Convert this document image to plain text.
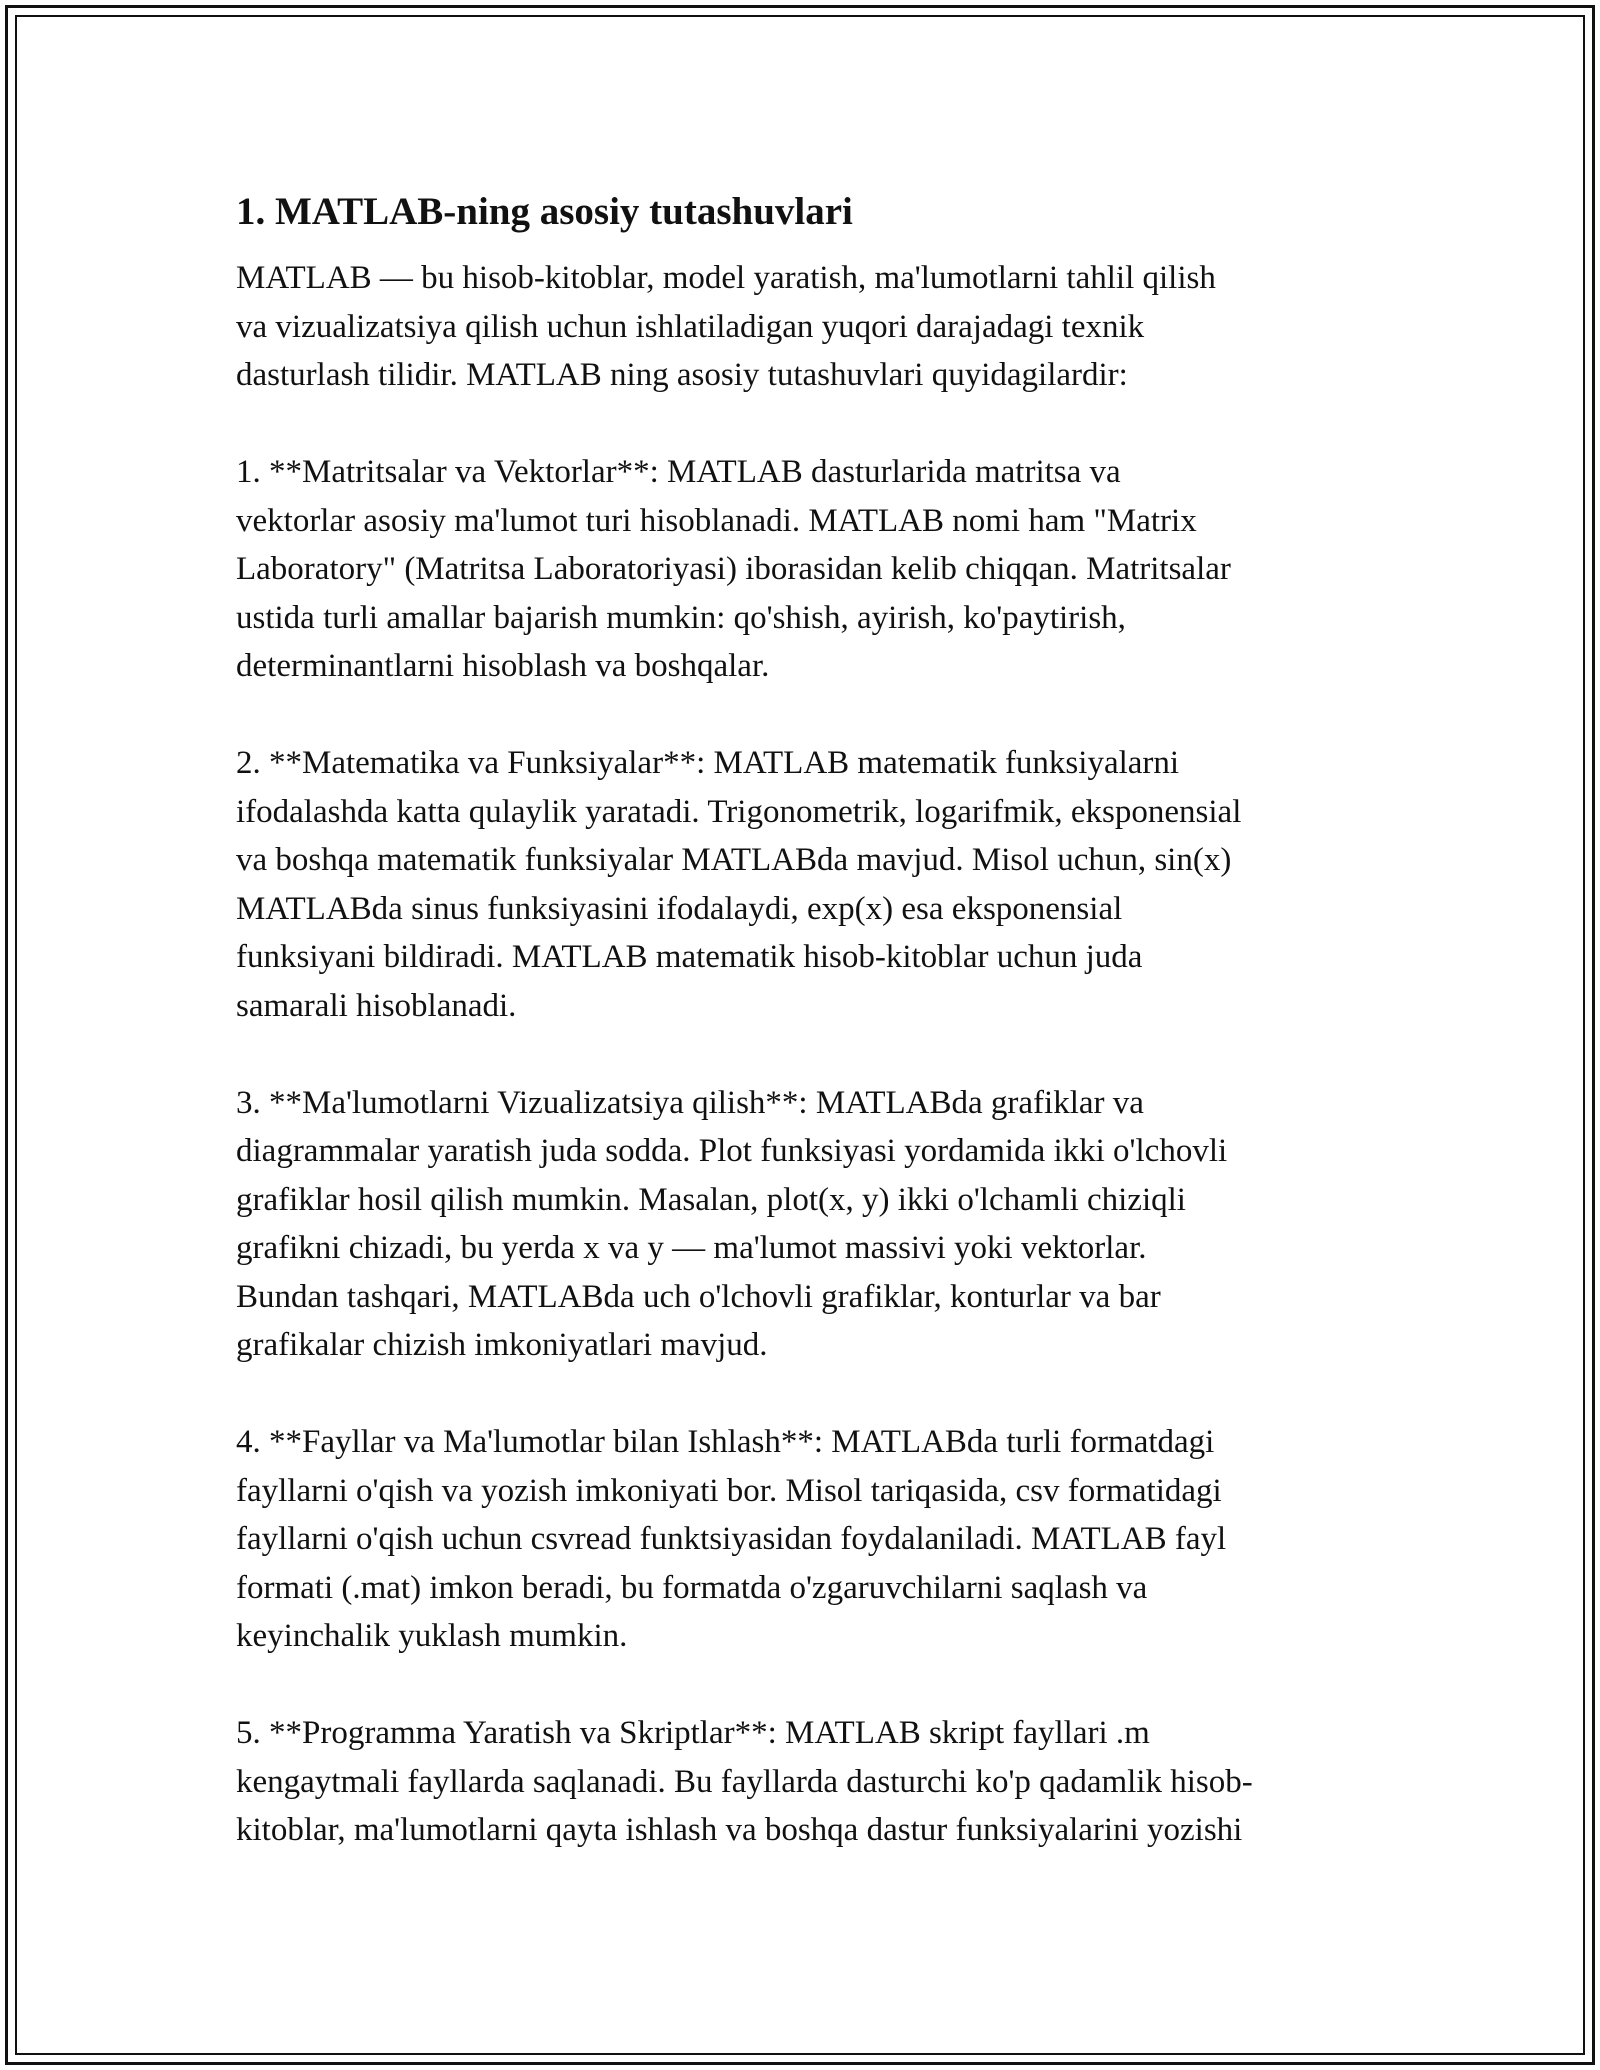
1. MATLAB-ning asosiy tutashuvlari

MATLAB — bu hisob-kitoblar, model yaratish, ma'lumotlarni tahlil qilish
va vizualizatsiya qilish uchun ishlatiladigan yuqori darajadagi texnik
dasturlash tilidir. MATLAB ning asosiy tutashuvlari quyidagilardir:

1. **Matritsalar va Vektorlar**: MATLAB dasturlarida matritsa va
vektorlar asosiy ma'lumot turi hisoblanadi. MATLAB nomi ham "Matrix
Laboratory" (Matritsa Laboratoriyasi) iborasidan kelib chiqqan. Matritsalar
ustida turli amallar bajarish mumkin: qo'shish, ayirish, ko'paytirish,
determinantlarni hisoblash va boshqalar.

2. **Matematika va Funksiyalar**: MATLAB matematik funksiyalarni
ifodalashda katta qulaylik yaratadi. Trigonometrik, logarifmik, eksponensial
va boshqa matematik funksiyalar MATLABda mavjud. Misol uchun, sin(x)
MATLABda sinus funksiyasini ifodalaydi, exp(x) esa eksponensial
funksiyani bildiradi. MATLAB matematik hisob-kitoblar uchun juda
samarali hisoblanadi.

3. **Ma'lumotlarni Vizualizatsiya qilish**: MATLABda grafiklar va
diagrammalar yaratish juda sodda. Plot funksiyasi yordamida ikki o'lchovli
grafiklar hosil qilish mumkin. Masalan, plot(x, y) ikki o'lchamli chiziqli
grafikni chizadi, bu yerda x va y — ma'lumot massivi yoki vektorlar.
Bundan tashqari, MATLABda uch o'lchovli grafiklar, konturlar va bar
grafikalar chizish imkoniyatlari mavjud.

4. **Fayllar va Ma'lumotlar bilan Ishlash**: MATLABda turli formatdagi
fayllarni o'qish va yozish imkoniyati bor. Misol tariqasida, csv formatidagi
fayllarni o'qish uchun csvread funktsiyasidan foydalaniladi. MATLAB fayl
formati (.mat) imkon beradi, bu formatda o'zgaruvchilarni saqlash va
keyinchalik yuklash mumkin.

5. **Programma Yaratish va Skriptlar**: MATLAB skript fayllari .m
kengaytmali fayllarda saqlanadi. Bu fayllarda dasturchi ko'p qadamlik hisob-
kitoblar, ma'lumotlarni qayta ishlash va boshqa dastur funksiyalarini yozishi
